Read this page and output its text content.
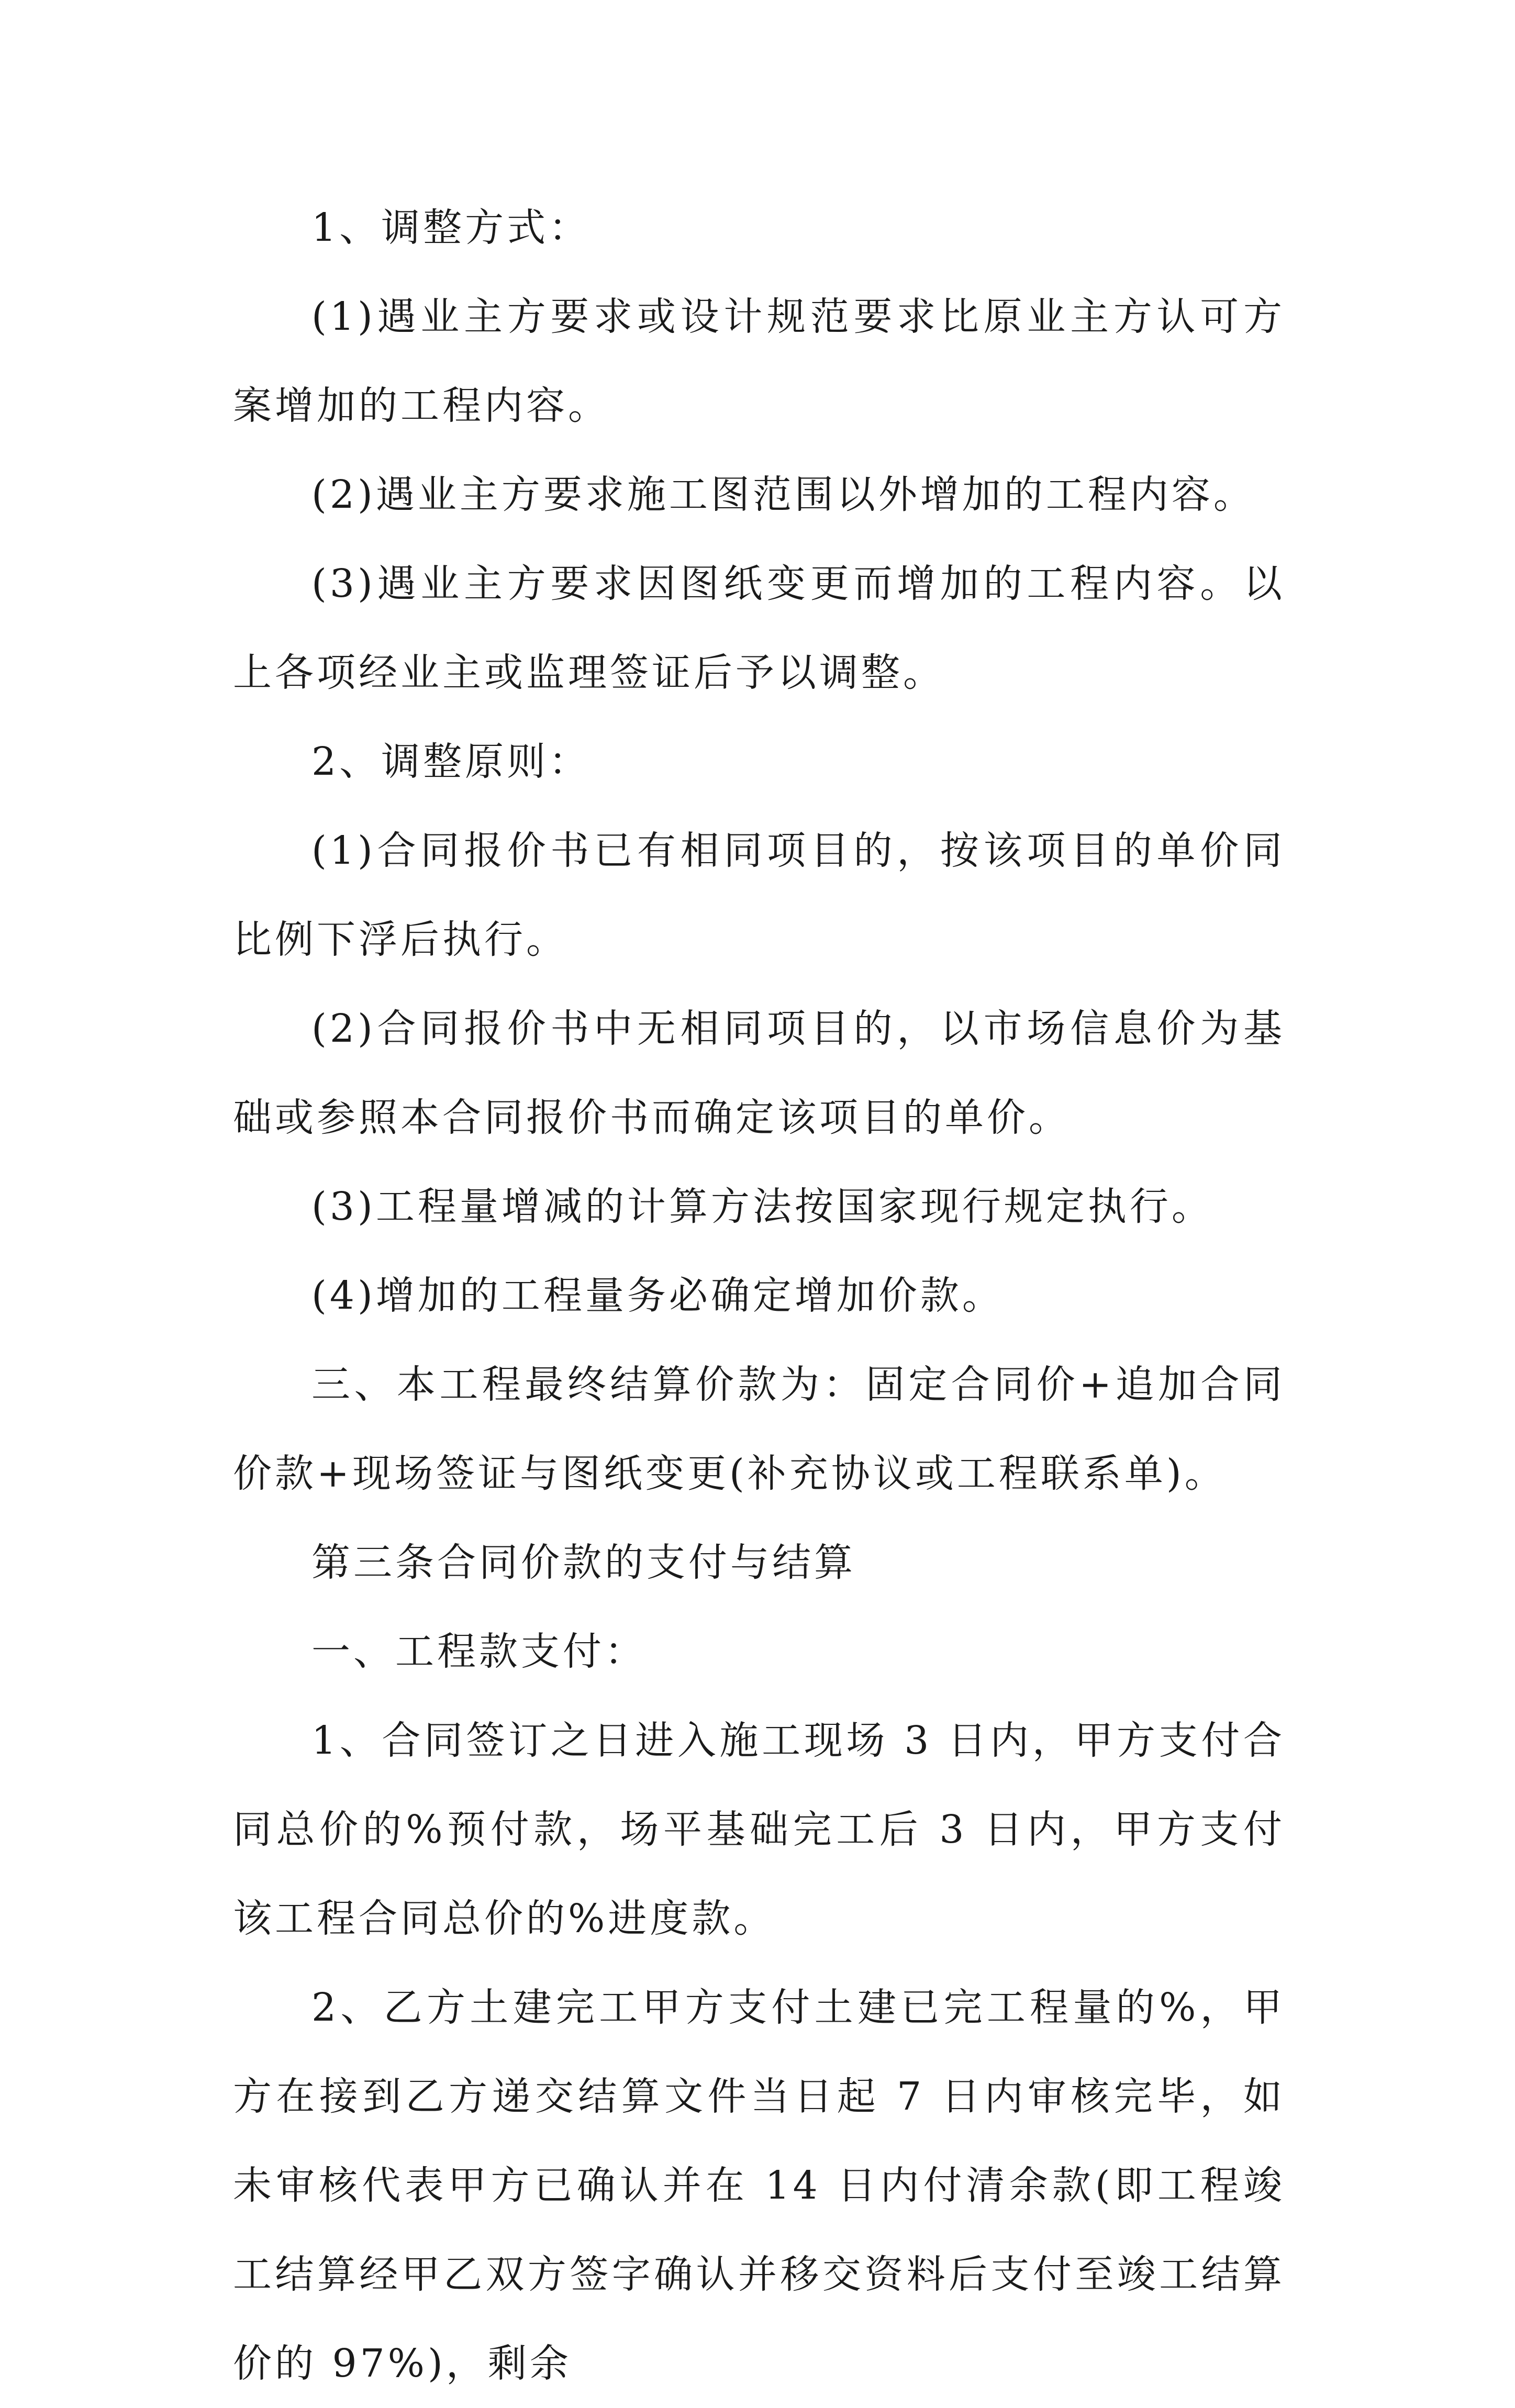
1、调整方式：

(1)遇业主方要求或设计规范要求比原业主方认可方案增加的工程内容。

(2)遇业主方要求施工图范围以外增加的工程内容。

(3)遇业主方要求因图纸变更而增加的工程内容。以上各项经业主或监理签证后予以调整。

2、调整原则：

(1)合同报价书已有相同项目的，按该项目的单价同比例下浮后执行。

(2)合同报价书中无相同项目的，以市场信息价为基础或参照本合同报价书而确定该项目的单价。

(3)工程量增减的计算方法按国家现行规定执行。

(4)增加的工程量务必确定增加价款。

三、本工程最终结算价款为：固定合同价+追加合同价款+现场签证与图纸变更(补充协议或工程联系单)。

第三条合同价款的支付与结算

一、工程款支付：

1、合同签订之日进入施工现场 3 日内，甲方支付合同总价的%预付款，场平基础完工后 3 日内，甲方支付该工程合同总价的%进度款。

2、乙方土建完工甲方支付土建已完工程量的%，甲方在接到乙方递交结算文件当日起 7 日内审核完毕，如未审核代表甲方已确认并在 14 日内付清余款(即工程竣工结算经甲乙双方签字确认并移交资料后支付至竣工结算价的 97%)，剩余
